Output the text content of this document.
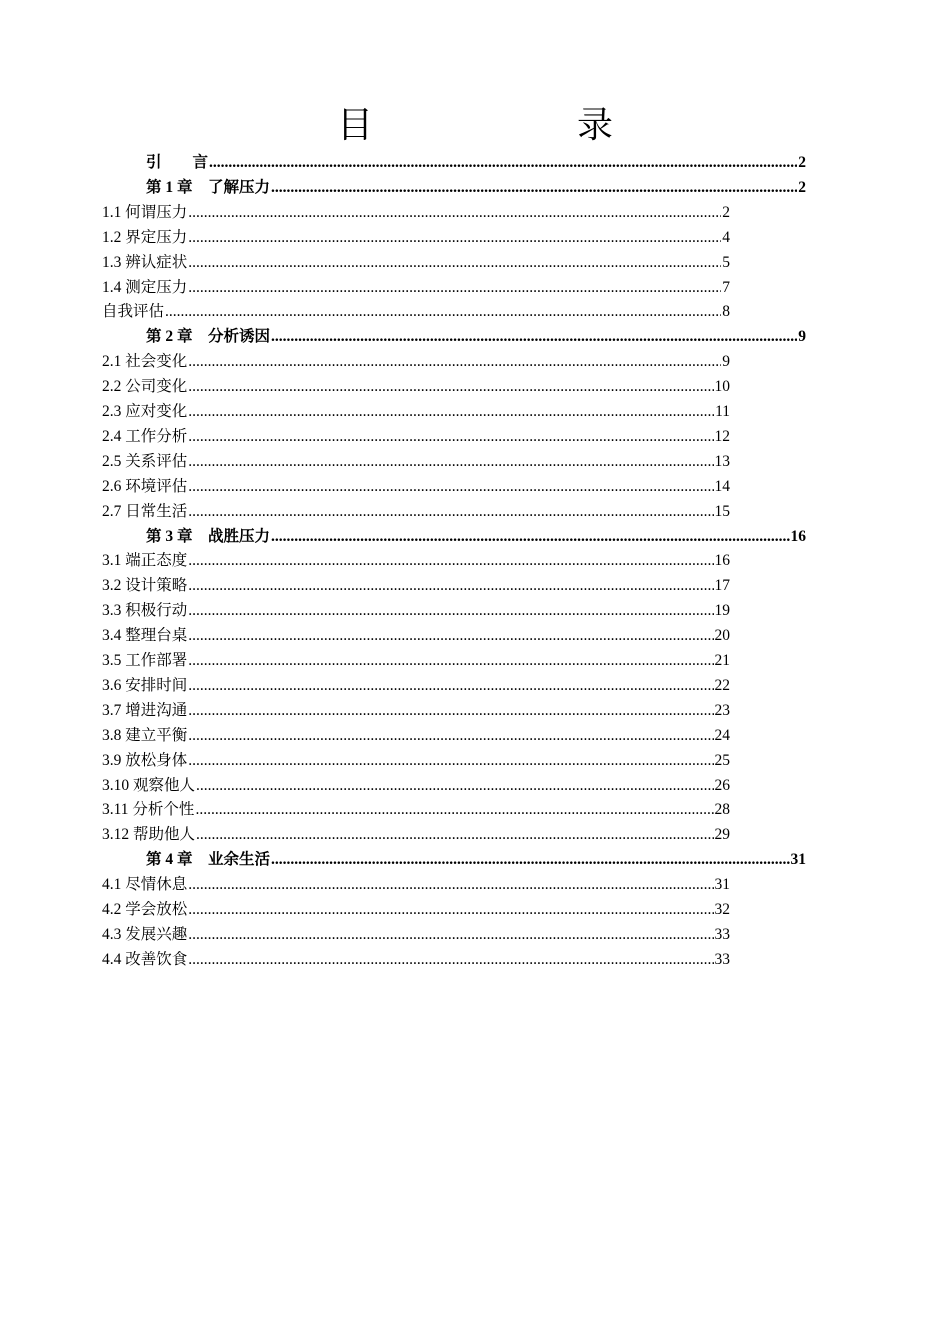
目　　录
引　　言 .....	2
第 1 章　了解压力 .....	2
1.1 何谓压力 .....	2
1.2 界定压力 .....	4
1.3 辨认症状 .....	5
1.4 测定压力 .....	7
自我评估 .....	8
第 2 章　分析诱因 .....	9
2.1 社会变化 .....	9
2.2 公司变化 .....	10
2.3 应对变化 .....	11
2.4 工作分析 .....	12
2.5 关系评估 .....	13
2.6 环境评估 .....	14
2.7 日常生活 .....	15
第 3 章　战胜压力 .....	16
3.1 端正态度 .....	16
3.2 设计策略 .....	17
3.3 积极行动 .....	19
3.4 整理台桌 .....	20
3.5 工作部署 .....	21
3.6 安排时间 .....	22
3.7 增进沟通 .....	23
3.8 建立平衡 .....	24
3.9 放松身体 .....	25
3.10 观察他人 .....	26
3.11 分析个性 .....	28
3.12 帮助他人 .....	29
第 4 章　业余生活 .....	31
4.1 尽情休息 .....	31
4.2 学会放松 .....	32
4.3 发展兴趣 .....	33
4.4 改善饮食 .....	33
